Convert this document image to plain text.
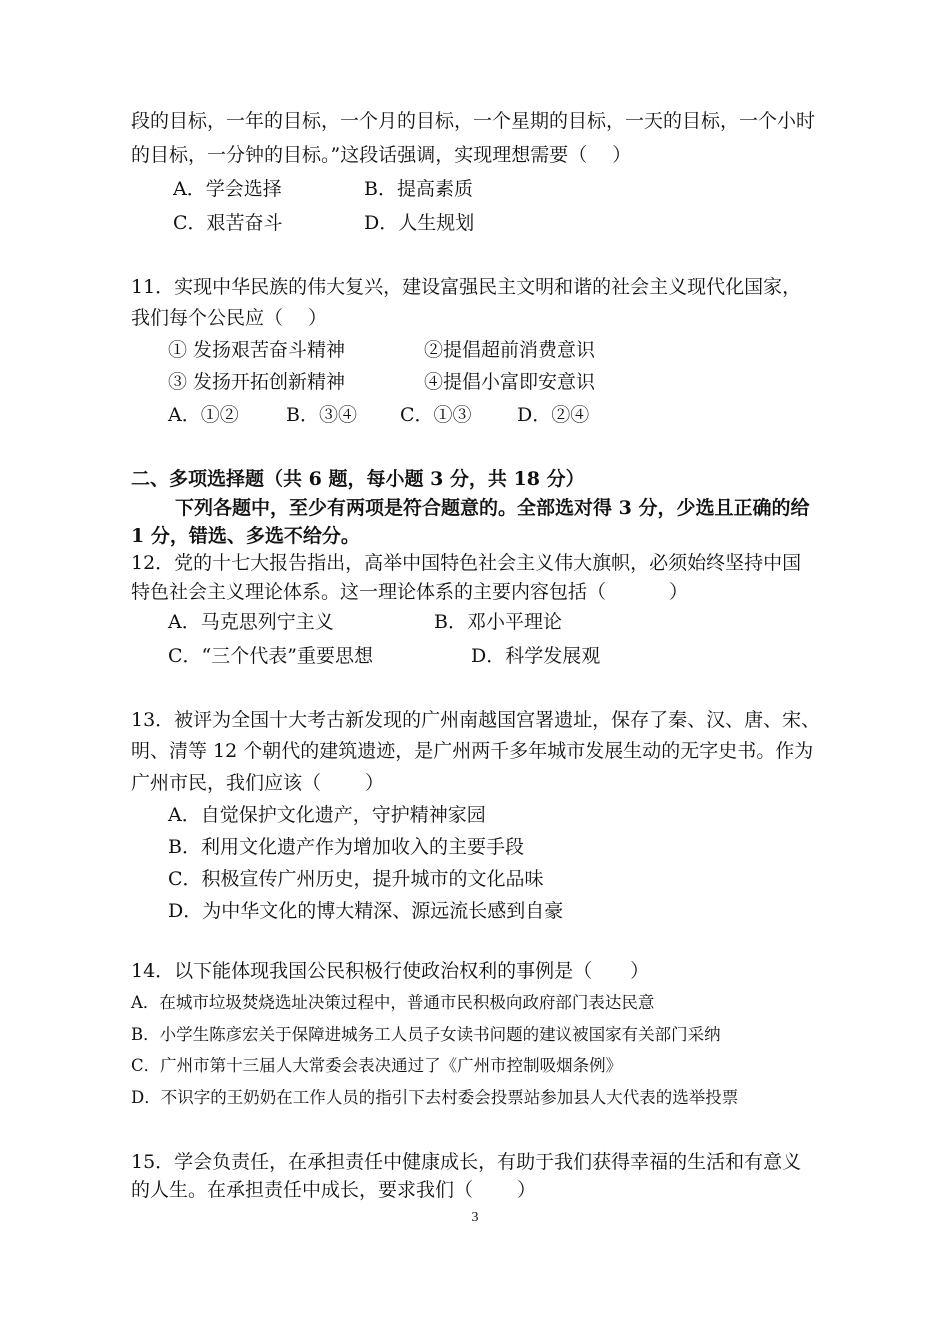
段的目标，一年的目标，一个月的目标，一个星期的目标，一天的目标，一个小时
的目标，一分钟的目标。”这段话强调，实现理想需要（　 ）
A．学会选择	B．提高素质
C．艰苦奋斗	D．人生规划
11．实现中华民族的伟大复兴，建设富强民主文明和谐的社会主义现代化国家，
我们每个公民应（　 ）
① 发扬艰苦奋斗精神	②提倡超前消费意识
③ 发扬开拓创新精神	④提倡小富即安意识
A．①② B．③④ C．①③ D．②④
二、多项选择题（共 6 题，每小题 3 分，共 18 分）
下列各题中，至少有两项是符合题意的。全部选对得 3 分，少选且正确的给
1 分，错选、多选不给分。
12．党的十七大报告指出，高举中国特色社会主义伟大旗帜，必须始终坚持中国
特色社会主义理论体系。这一理论体系的主要内容包括（　　　 ）
A．马克思列宁主义	B．邓小平理论
C．“三个代表”重要思想	D．科学发展观
13．被评为全国十大考古新发现的广州南越国宫署遗址，保存了秦、汉、唐、宋、
明、清等 12 个朝代的建筑遗迹，是广州两千多年城市发展生动的无字史书。作为
广州市民，我们应该（　　 ）
A．自觉保护文化遗产，守护精神家园
B．利用文化遗产作为增加收入的主要手段
C．积极宣传广州历史，提升城市的文化品味
D．为中华文化的博大精深、源远流长感到自豪
14．以下能体现我国公民积极行使政治权利的事例是（　　）
A．在城市垃圾焚烧选址决策过程中，普通市民积极向政府部门表达民意
B．小学生陈彦宏关于保障进城务工人员子女读书问题的建议被国家有关部门采纳
C．广州市第十三届人大常委会表决通过了《广州市控制吸烟条例》
D．不识字的王奶奶在工作人员的指引下去村委会投票站参加县人大代表的选举投票
15．学会负责任，在承担责任中健康成长，有助于我们获得幸福的生活和有意义
的人生。在承担责任中成长，要求我们（　　 ）
3
